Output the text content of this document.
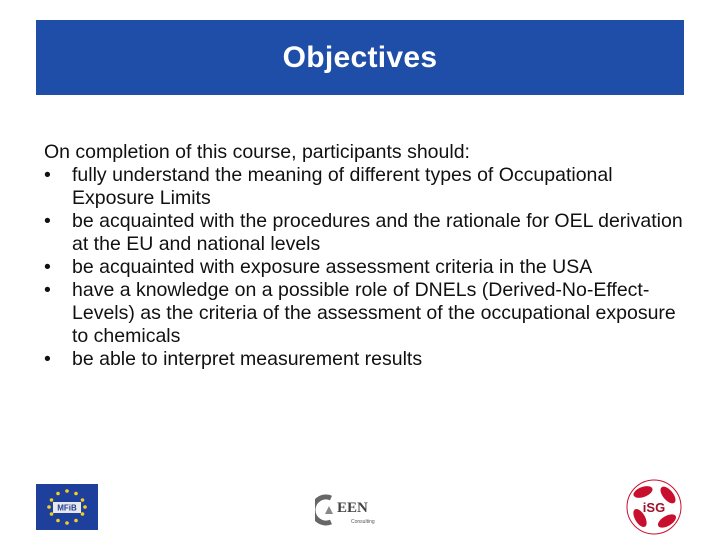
Objectives

On completion of this course, participants should:

•	fully understand the meaning of different types of Occupational Exposure Limits
•	be acquainted with the procedures and the rationale for OEL derivation at the EU and national levels
•	be acquainted with exposure assessment criteria in the USA
•	have a knowledge on a possible role of DNELs (Derived-No-Effect-Levels) as the criteria of the assessment of the occupational exposure to chemicals
•	be able to interpret measurement results
MFiB	EEN
Consulting
iSG
